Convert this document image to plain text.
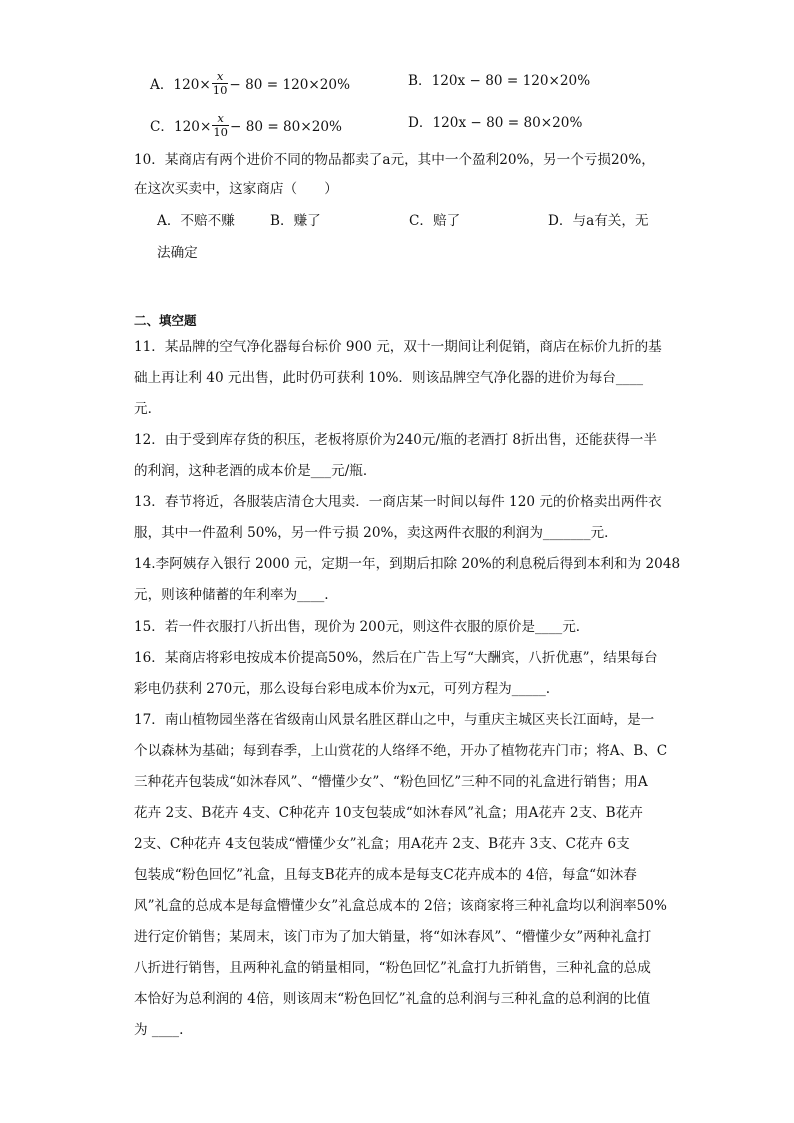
A．$120\times \frac{x}{10} - 80 = 120\times 20\%$	B．120x − 80 = 120×20%
C．$120\times \frac{x}{10} - 80 = 80\times 20\%$	D．120x − 80 = 80×20%
10．某商店有两个进价不同的物品都卖了a元，其中一个盈利20%，另一个亏损20%，
在这次买卖中，这家商店（　　）
A．不赔不赚	B．赚了	C．赔了	D．与a有关，无
法确定
二、填空题
11．某品牌的空气净化器每台标价 900 元，双十一期间让利促销，商店在标价九折的基
础上再让利 40 元出售，此时仍可获利 10%．则该品牌空气净化器的进价为每台____
元．
12．由于受到库存货的积压，老板将原价为240元/瓶的老酒打 8折出售，还能获得一半
的利润，这种老酒的成本价是___元/瓶．
13．春节将近，各服装店清仓大甩卖．一商店某一时间以每件 120 元的价格卖出两件衣
服，其中一件盈利 50%，另一件亏损 20%，卖这两件衣服的利润为_______元．
14.李阿姨存入银行 2000 元，定期一年，到期后扣除 20%的利息税后得到本利和为 2048
元，则该种储蓄的年利率为____.
15．若一件衣服打八折出售，现价为 200元，则这件衣服的原价是____元．
16．某商店将彩电按成本价提高50%，然后在广告上写“大酬宾，八折优惠”，结果每台
彩电仍获利 270元，那么设每台彩电成本价为x元，可列方程为_____.
17．南山植物园坐落在省级南山风景名胜区群山之中，与重庆主城区夹长江面峙，是一
个以森林为基础；每到春季，上山赏花的人络绎不绝，开办了植物花卉门市；将A、B、C
三种花卉包装成“如沐春风”、“懵懂少女”、“粉色回忆”三种不同的礼盒进行销售；用A
花卉 2支、B花卉 4支、C种花卉 10支包装成“如沐春风”礼盒；用A花卉 2支、B花卉
2支、C种花卉 4支包装成“懵懂少女”礼盒；用A花卉 2支、B花卉 3支、C花卉 6支
包装成“粉色回忆”礼盒，且每支B花卉的成本是每支C花卉成本的 4倍，每盒“如沐春
风”礼盒的总成本是每盒懵懂少女”礼盒总成本的 2倍；该商家将三种礼盒均以利润率50%
进行定价销售；某周末，该门市为了加大销量，将“如沐春风”、“懵懂少女”两种礼盒打
八折进行销售，且两种礼盒的销量相同，“粉色回忆”礼盒打九折销售，三种礼盒的总成
本恰好为总利润的 4倍，则该周末“粉色回忆”礼盒的总利润与三种礼盒的总利润的比值
为 ____.
